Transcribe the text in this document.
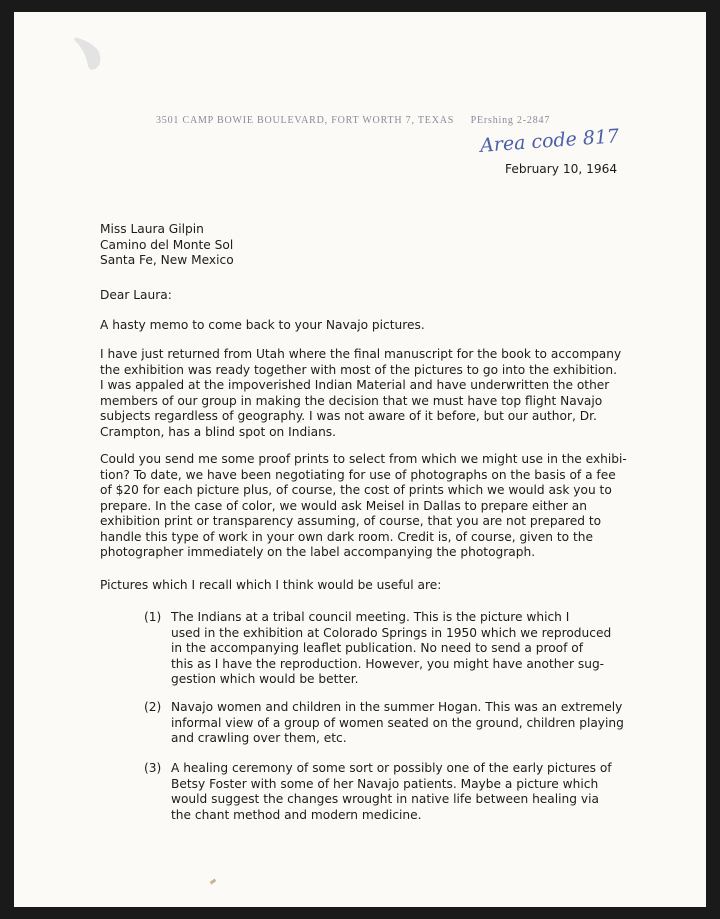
﹅
3501 CAMP BOWIE BOULEVARD, FORT WORTH 7, TEXAS PErshing 2-2847
Area code 817
February 10, 1964

Miss Laura Gilpin

Camino del Monte Sol

Santa Fe, New Mexico

Dear Laura:
A hasty memo to come back to your Navajo pictures.

I have just returned from Utah where the final manuscript for the book to accompany

the exhibition was ready together with most of the pictures to go into the exhibition.

I was appaled at the impoverished Indian Material and have underwritten the other

members of our group in making the decision that we must have top flight Navajo

subjects regardless of geography. I was not aware of it before, but our author, Dr.

Crampton, has a blind spot on Indians.

Could you send me some proof prints to select from which we might use in the exhibi-

tion? To date, we have been negotiating for use of photographs on the basis of a fee

of $20 for each picture plus, of course, the cost of prints which we would ask you to

prepare. In the case of color, we would ask Meisel in Dallas to prepare either an

exhibition print or transparency assuming, of course, that you are not prepared to

handle this type of work in your own dark room. Credit is, of course, given to the

photographer immediately on the label accompanying the photograph.

Pictures which I recall which I think would be useful are:
(1) The Indians at a tribal council meeting. This is the picture which I

used in the exhibition at Colorado Springs in 1950 which we reproduced

in the accompanying leaflet publication. No need to send a proof of

this as I have the reproduction. However, you might have another sug-

gestion which would be better.

(2) Navajo women and children in the summer Hogan. This was an extremely

informal view of a group of women seated on the ground, children playing

and crawling over them, etc.

(3) A healing ceremony of some sort or possibly one of the early pictures of

Betsy Foster with some of her Navajo patients. Maybe a picture which

would suggest the changes wrought in native life between healing via

the chant method and modern medicine.
